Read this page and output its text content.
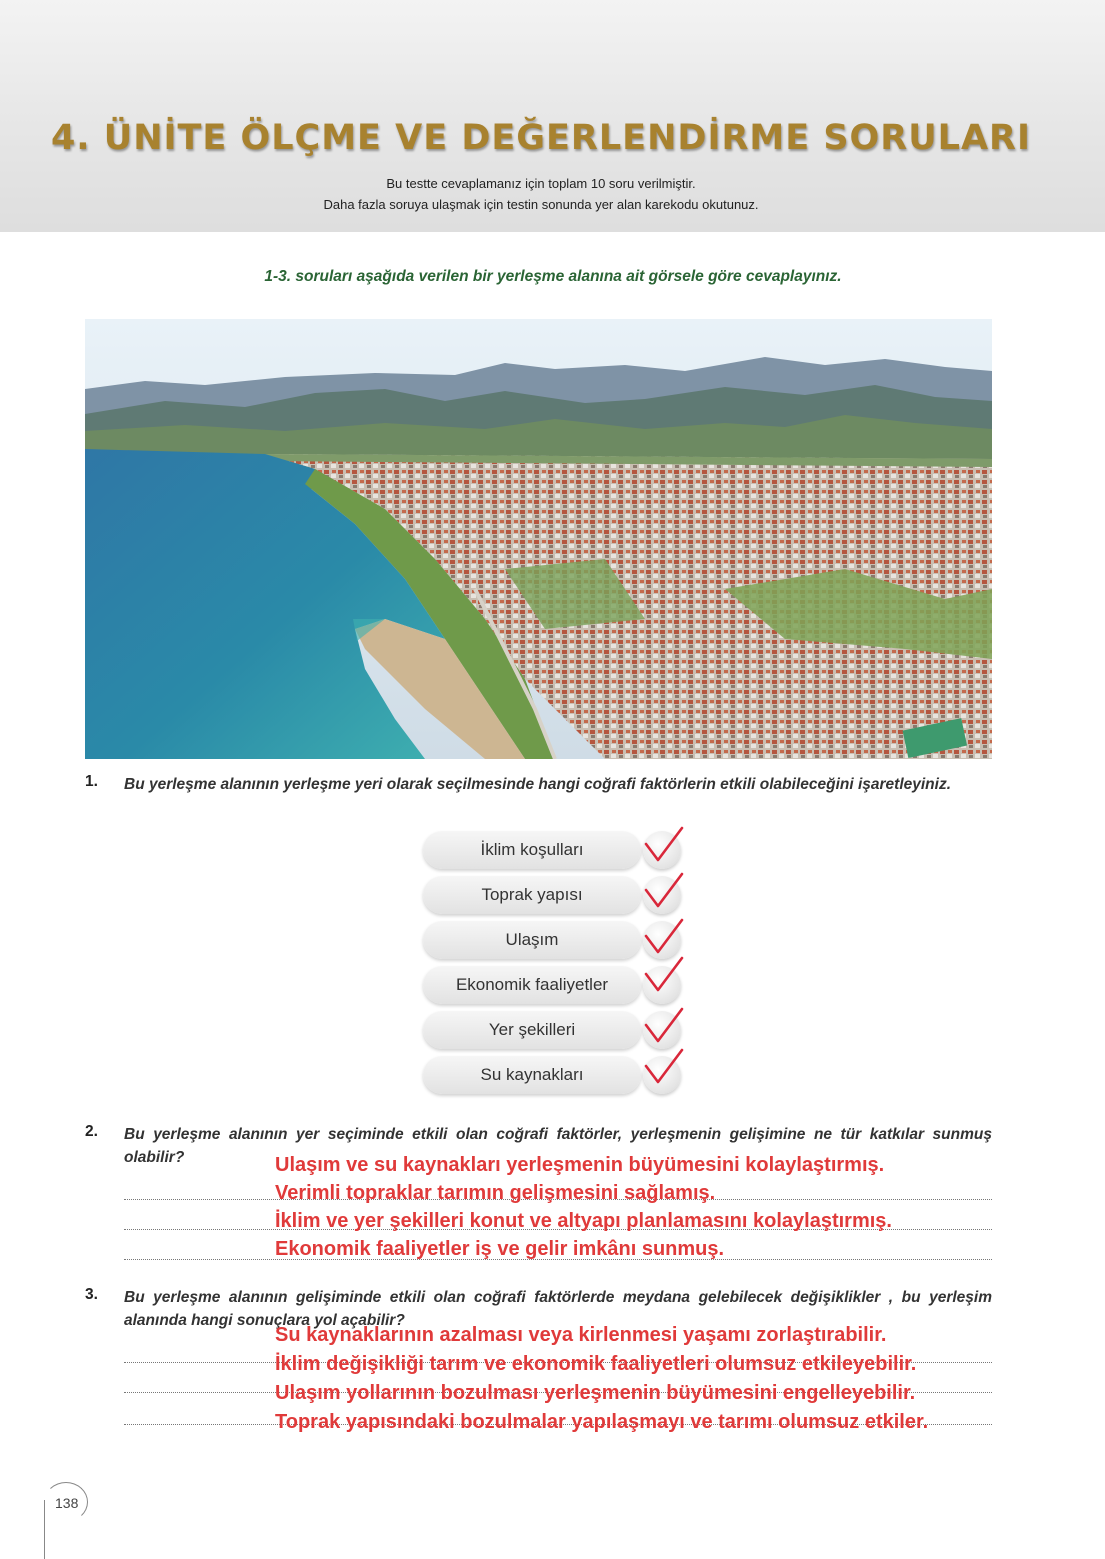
4. ÜNİTE ÖLÇME VE DEĞERLENDİRME SORULARI
Bu testte cevaplamanız için toplam 10 soru verilmiştir.
Daha fazla soruya ulaşmak için testin sonunda yer alan karekodu okutunuz.
1-3. soruları aşağıda verilen bir yerleşme alanına ait görsele göre cevaplayınız.
1. Bu yerleşme alanının yerleşme yeri olarak seçilmesinde hangi coğrafi faktörlerin etkili olabileceğini işaretleyiniz.
İklim koşulları
Toprak yapısı
Ulaşım
Ekonomik faaliyetler
Yer şekilleri
Su kaynakları
2. Bu yerleşme alanının yer seçiminde etkili olan coğrafi faktörler, yerleşmenin gelişimine ne tür katkılar sunmuş olabilir?	Ulaşım ve su kaynakları yerleşmenin büyümesini kolaylaştırmış.
Verimli topraklar tarımın gelişmesini sağlamış.
İklim ve yer şekilleri konut ve altyapı planlamasını kolaylaştırmış.
Ekonomik faaliyetler iş ve gelir imkânı sunmuş.
3. Bu yerleşme alanının gelişiminde etkili olan coğrafi faktörlerde meydana gelebilecek değişiklikler , bu yerleşim alanında hangi sonuçlara yol açabilir?
Su kaynaklarının azalması veya kirlenmesi yaşamı zorlaştırabilir.
İklim değişikliği tarım ve ekonomik faaliyetleri olumsuz etkileyebilir.
Ulaşım yollarının bozulması yerleşmenin büyümesini engelleyebilir.
Toprak yapısındaki bozulmalar yapılaşmayı ve tarımı olumsuz etkiler.
138
